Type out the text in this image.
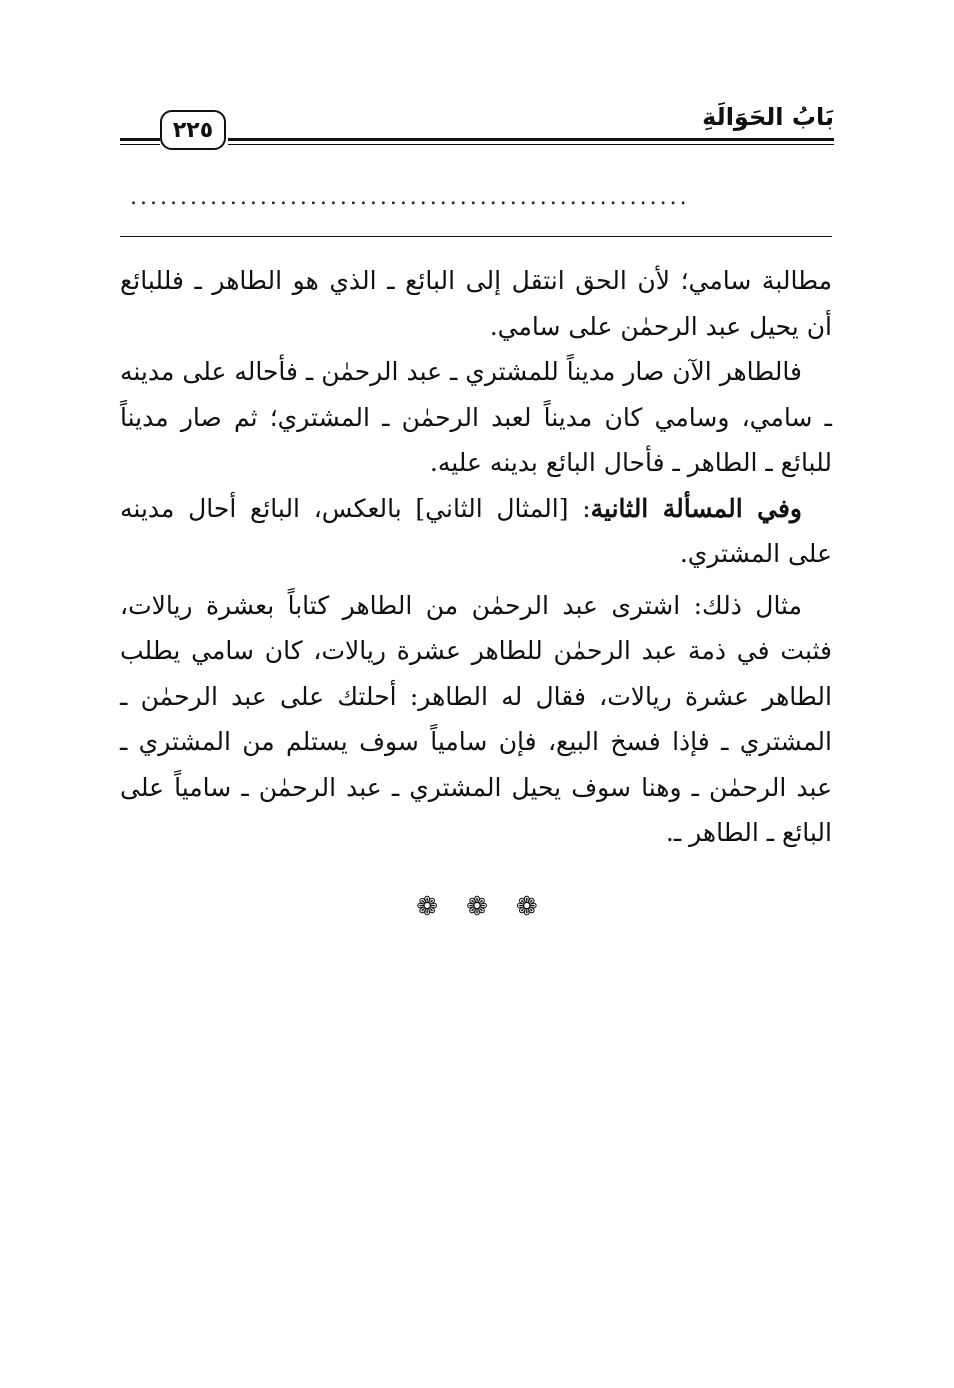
بَابُ الحَوَالَةِ
٢٢٥
........................................................

مطالبة سامي؛ لأن الحق انتقل إلى البائع ـ الذي هو الطاهر ـ فللبائع أن يحيل عبد الرحمٰن على سامي.

فالطاهر الآن صار مديناً للمشتري ـ عبد الرحمٰن ـ فأحاله على مدينه ـ سامي، وسامي كان مديناً لعبد الرحمٰن ـ المشتري؛ ثم صار مديناً للبائع ـ الطاهر ـ فأحال البائع بدينه عليه.

وفي المسألة الثانية: [المثال الثاني] بالعكس، البائع أحال مدينه على المشتري.

مثال ذلك: اشترى عبد الرحمٰن من الطاهر كتاباً بعشرة ريالات، فثبت في ذمة عبد الرحمٰن للطاهر عشرة ريالات، كان سامي يطلب الطاهر عشرة ريالات، فقال له الطاهر: أحلتك على عبد الرحمٰن ـ المشتري ـ فإذا فسخ البيع، فإن سامياً سوف يستلم من المشتري ـ عبد الرحمٰن ـ وهنا سوف يحيل المشتري ـ عبد الرحمٰن ـ سامياً على البائع ـ الطاهر ـ.

❁❁❁
